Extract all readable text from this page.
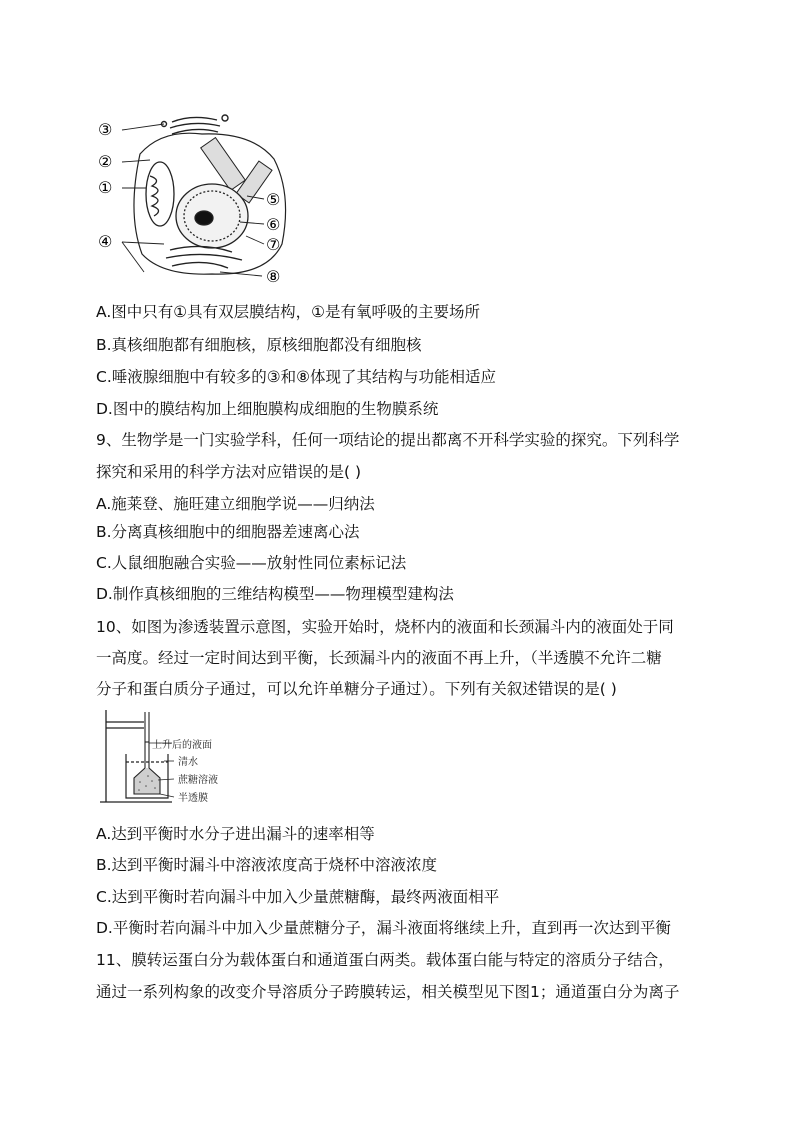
③
②
①
④
⑤
⑥
⑦
⑧
A.图中只有①具有双层膜结构，①是有氧呼吸的主要场所
B.真核细胞都有细胞核，原核细胞都没有细胞核
C.唾液腺细胞中有较多的③和⑧体现了其结构与功能相适应
D.图中的膜结构加上细胞膜构成细胞的生物膜系统
9、生物学是一门实验学科，任何一项结论的提出都离不开科学实验的探究。下列科学
探究和采用的科学方法对应错误的是( )
A.施莱登、施旺建立细胞学说——归纳法
B.分离真核细胞中的细胞器差速离心法
C.人鼠细胞融合实验——放射性同位素标记法
D.制作真核细胞的三维结构模型——物理模型建构法
10、如图为渗透装置示意图，实验开始时，烧杯内的液面和长颈漏斗内的液面处于同
一高度。经过一定时间达到平衡，长颈漏斗内的液面不再上升，（半透膜不允许二糖
分子和蛋白质分子通过，可以允许单糖分子通过）。下列有关叙述错误的是( )
上升后的液面
清水
蔗糖溶液
半透膜
A.达到平衡时水分子进出漏斗的速率相等
B.达到平衡时漏斗中溶液浓度高于烧杯中溶液浓度
C.达到平衡时若向漏斗中加入少量蔗糖酶，最终两液面相平
D.平衡时若向漏斗中加入少量蔗糖分子，漏斗液面将继续上升，直到再一次达到平衡
11、膜转运蛋白分为载体蛋白和通道蛋白两类。载体蛋白能与特定的溶质分子结合，
通过一系列构象的改变介导溶质分子跨膜转运，相关模型见下图1；通道蛋白分为离子
